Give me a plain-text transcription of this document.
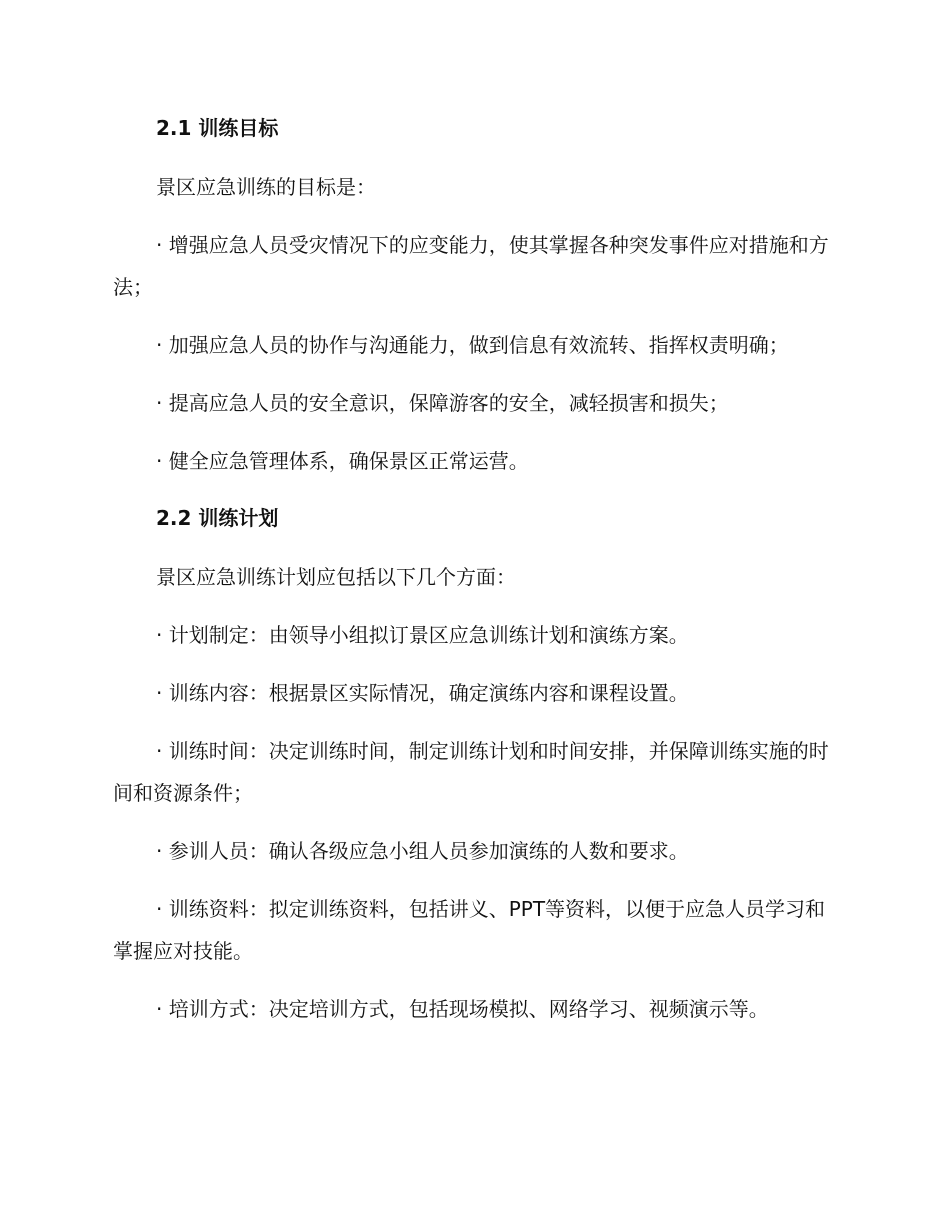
2.1 训练目标
景区应急训练的目标是：
· 增强应急人员受灾情况下的应变能力，使其掌握各种突发事件应对措施和方法；
· 加强应急人员的协作与沟通能力，做到信息有效流转、指挥权责明确；
· 提高应急人员的安全意识，保障游客的安全，减轻损害和损失；
· 健全应急管理体系，确保景区正常运营。
2.2 训练计划
景区应急训练计划应包括以下几个方面：
· 计划制定：由领导小组拟订景区应急训练计划和演练方案。
· 训练内容：根据景区实际情况，确定演练内容和课程设置。
· 训练时间：决定训练时间，制定训练计划和时间安排，并保障训练实施的时间和资源条件；
· 参训人员：确认各级应急小组人员参加演练的人数和要求。
· 训练资料：拟定训练资料，包括讲义、PPT等资料，以便于应急人员学习和掌握应对技能。
· 培训方式：决定培训方式，包括现场模拟、网络学习、视频演示等。
